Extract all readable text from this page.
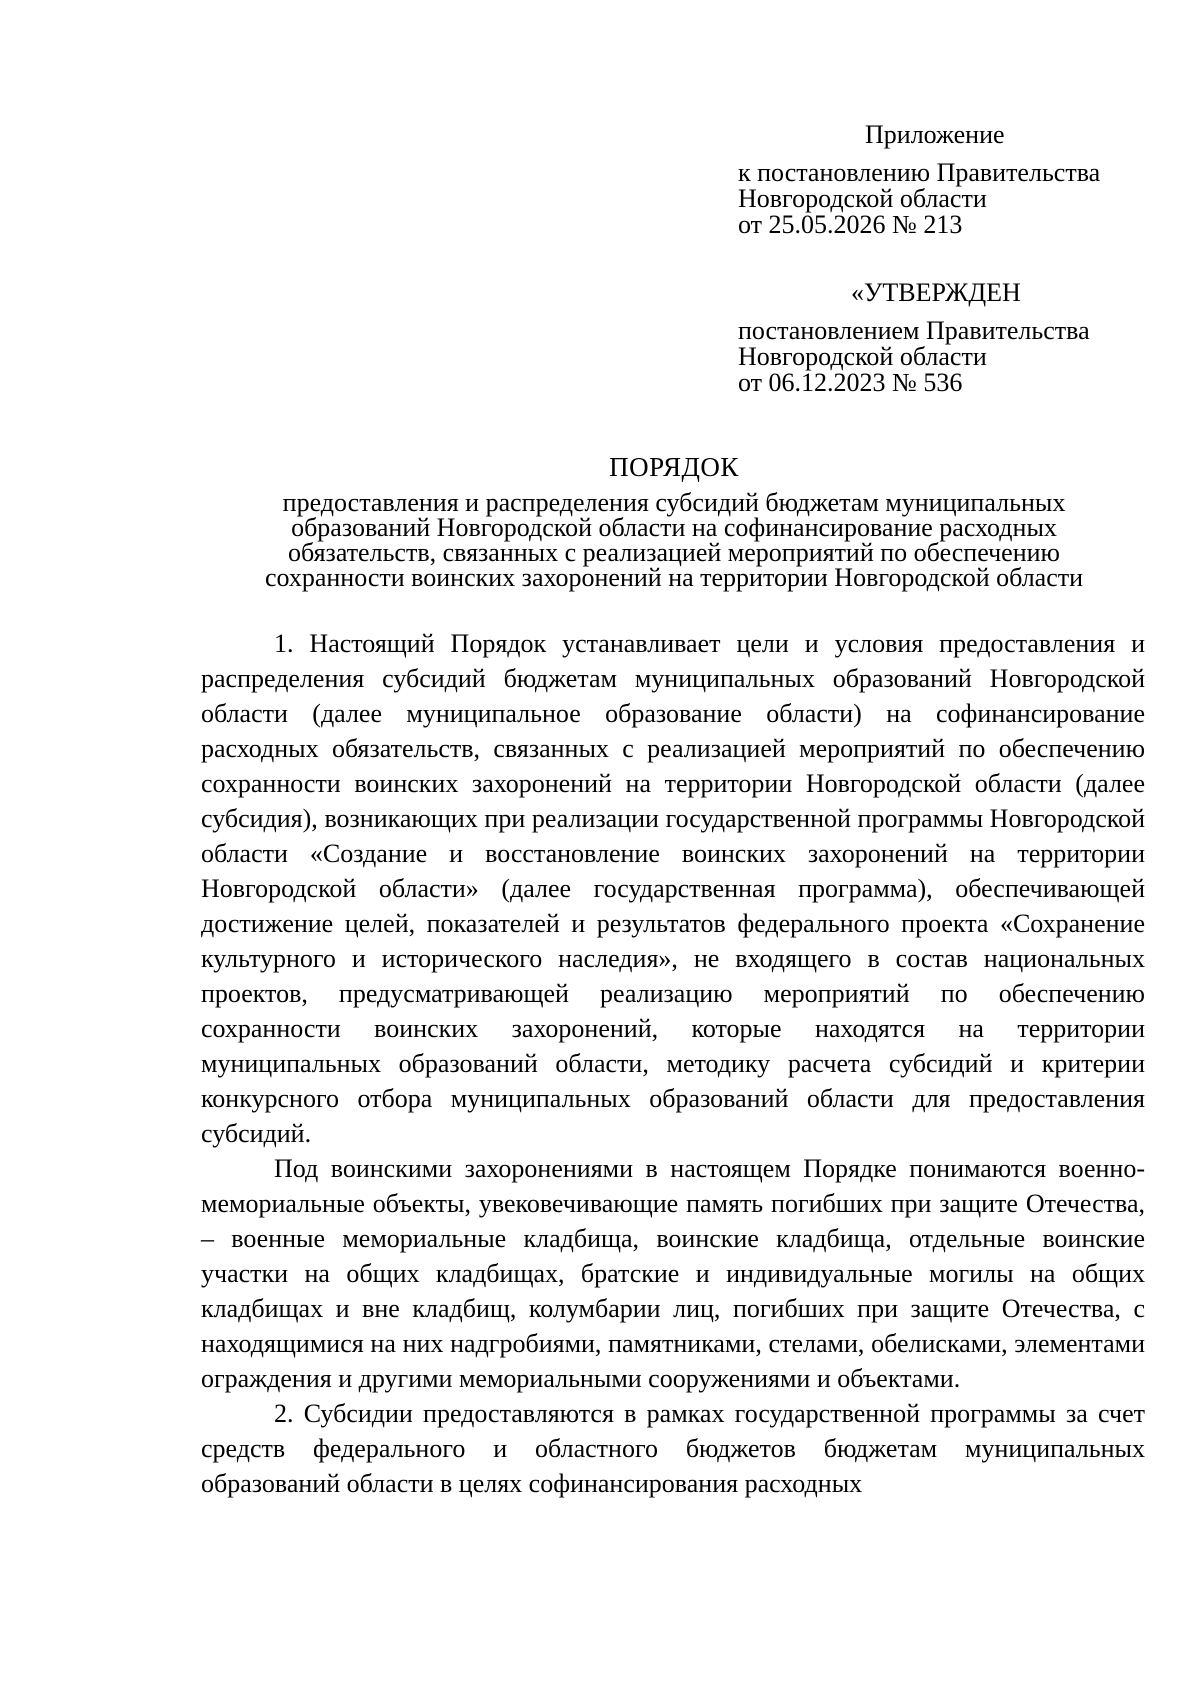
Приложение
к постановлению Правительства
Новгородской области
от 25.05.2026 № 213
«УТВЕРЖДЕН
постановлением Правительства
Новгородской области
от 06.12.2023 № 536
ПОРЯДОК
предоставления и распределения субсидий бюджетам муниципальных
образований Новгородской области на софинансирование расходных
обязательств, связанных с реализацией мероприятий по обеспечению
сохранности воинских захоронений на территории Новгородской области

1. Настоящий Порядок устанавливает цели и условия предоставления и распределения субсидий бюджетам муниципальных образований Новгородской области (далее муниципальное образование области) на софинансирование расходных обязательств, связанных с реализацией мероприятий по обеспечению сохранности воинских захоронений на территории Новгородской области (далее субсидия), возникающих при реализации государственной программы Новгородской области «Создание и восстановление воинских захоронений на территории Новгородской области» (далее государственная программа), обеспечивающей достижение целей, показателей и результатов федерального проекта «Сохранение культурного и исторического наследия», не входящего в состав национальных проектов, предусматривающей реализацию мероприятий по обеспечению сохранности воинских захоронений, которые находятся на территории муниципальных образований области, методику расчета субсидий и критерии конкурсного отбора муниципальных образований области для предоставления субсидий.

Под воинскими захоронениями в настоящем Порядке понимаются военно-мемориальные объекты, увековечивающие память погибших при защите Отечества, – военные мемориальные кладбища, воинские кладбища, отдельные воинские участки на общих кладбищах, братские и индивидуальные могилы на общих кладбищах и вне кладбищ, колумбарии лиц, погибших при защите Отечества, с находящимися на них надгробиями, памятниками, стелами, обелисками, элементами ограждения и другими мемориальными сооружениями и объектами.

2. Субсидии предоставляются в рамках государственной программы за счет средств федерального и областного бюджетов бюджетам муниципальных образований области в целях софинансирования расходных
